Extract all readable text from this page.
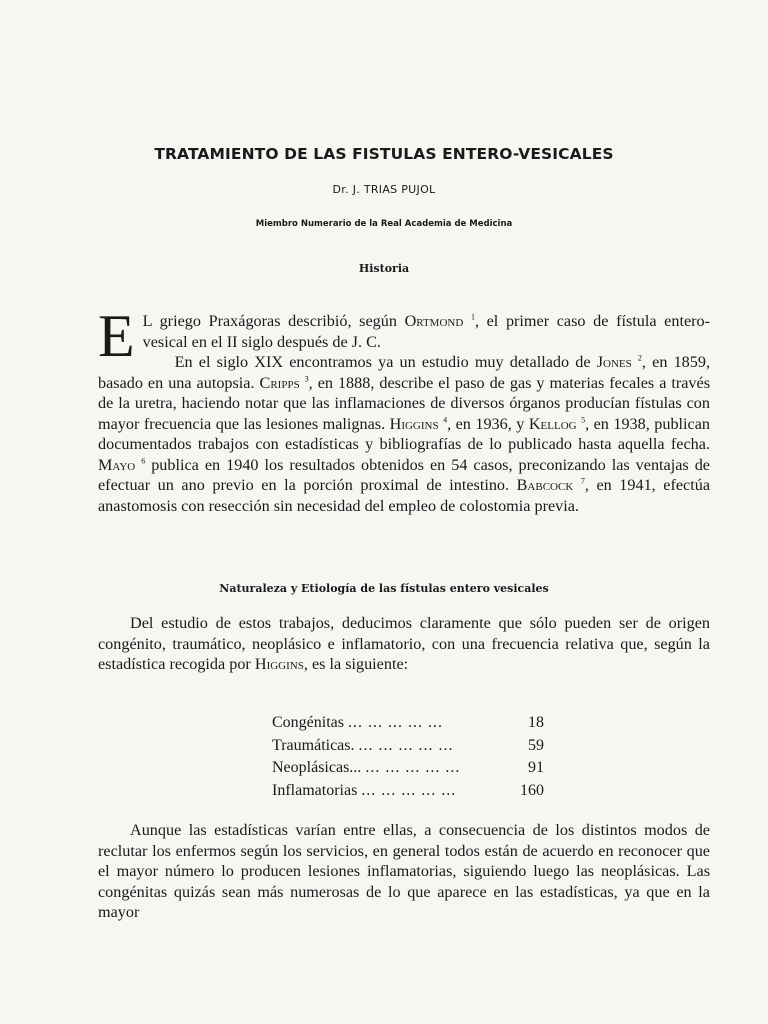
TRATAMIENTO DE LAS FISTULAS ENTERO-VESICALES
Dr. J. TRIAS PUJOL
Miembro Numerario de la Real Academia de Medicina
Historia
E L griego Praxágoras describió, según Ortmond $^1$, el primer caso de fístula entero-vesical en el II siglo después de J. C.
En el siglo XIX encontramos ya un estudio muy detallado de Jones $^2$, en 1859, basado en una autopsia. Cripps $^3$, en 1888, describe el paso de gas y materias fecales a través de la uretra, haciendo notar que las inflamaciones de diversos órganos producían fístulas con mayor frecuencia que las lesiones malignas. Higgins $^4$, en 1936, y Kellog $^5$, en 1938, publican documentados trabajos con estadísticas y bibliografías de lo publicado hasta aquella fecha. Mayo $^6$ publica en 1940 los resultados obtenidos en 54 casos, preconizando las ventajas de efectuar un ano previo en la porción proximal de intestino. Babcock $^7$, en 1941, efectúa anastomosis con resección sin necesidad del empleo de colostomia previa.
Naturaleza y Etiología de las fístulas entero vesicales
Del estudio de estos trabajos, deducimos claramente que sólo pueden ser de origen congénito, traumático, neoplásico e inflamatorio, con una frecuencia relativa que, según la estadística recogida por Higgins, es la siguiente:
Congénitas ... ... ... ... ...	18
Traumáticas. ... ... ... ... ...	59
Neoplásicas... ... ... ... ... ...	91
Inflamatorias ... ... ... ... ...	160
Aunque las estadísticas varían entre ellas, a consecuencia de los distintos modos de reclutar los enfermos según los servicios, en general todos están de acuerdo en reconocer que el mayor número lo producen lesiones inflamatorias, siguiendo luego las neoplásicas. Las congénitas quizás sean más numerosas de lo que aparece en las estadísticas, ya que en la mayor
